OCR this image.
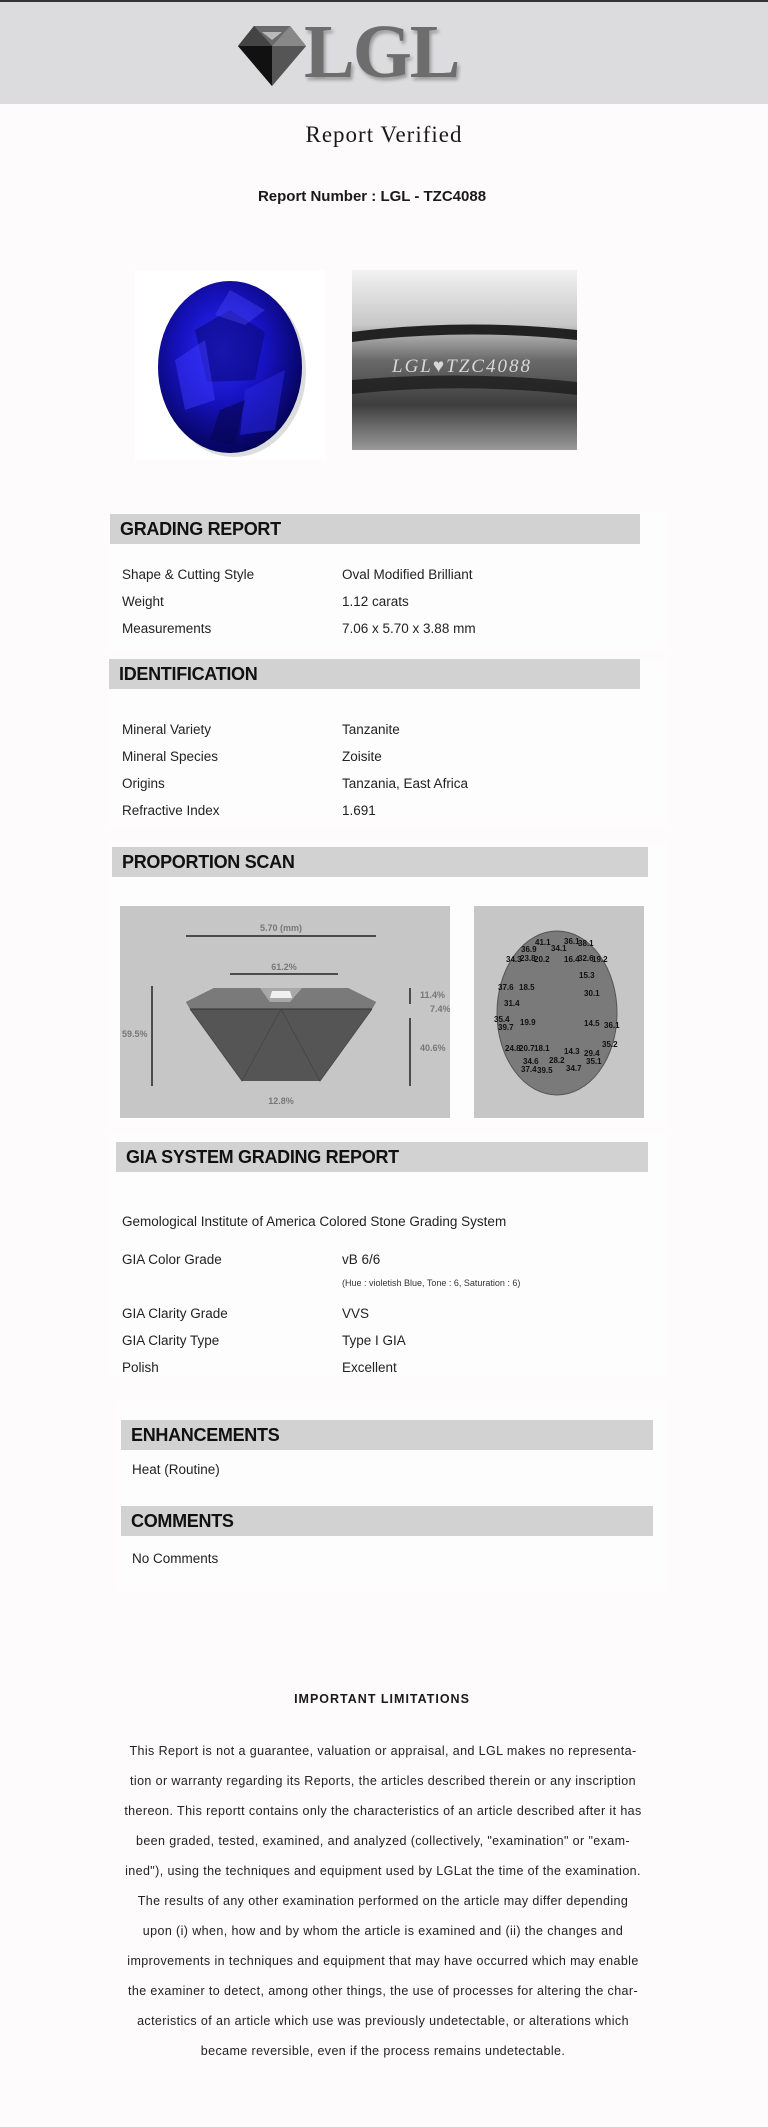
LGL
Report Verified
Report Number : LGL - TZC4088
LGL♥TZC4088
GRADING REPORT
Shape & Cutting Style	Oval Modified Brilliant
Weight	1.12 carats
Measurements	7.06 x 5.70 x 3.88 mm
IDENTIFICATION
Mineral Variety	Tanzanite
Mineral Species	Zoisite
Origins	Tanzania, East Africa
Refractive Index	1.691
PROPORTION SCAN
5.70 (mm)
61.2%
59.5%
11.4%
7.4%
40.6%
12.8%
41.1 36.1
38.1
36.9 34.1
34.3
23.8
20.2 16.4
32.6
19.2
15.3
37.6 18.5
30.1
31.4
19.9	14.5 36.1
35.4
39.7
24.8
20.7 18.1 14.3 29.4
35.2
34.6 28.2	35.1
37.4 39.5 34.7
GIA SYSTEM GRADING REPORT
Gemological Institute of America Colored Stone Grading System
GIA Color Grade	vB 6/6
(Hue : violetish Blue, Tone : 6, Saturation : 6)
GIA Clarity Grade	VVS
GIA Clarity Type	Type I GIA
Polish	Excellent
ENHANCEMENTS
Heat (Routine)
COMMENTS
No Comments
IMPORTANT LIMITATIONS
This Report is not a guarantee, valuation or appraisal, and LGL makes no representa-
tion or warranty regarding its Reports, the articles described therein or any inscription
thereon. This reportt contains only the characteristics of an article described after it has
been graded, tested, examined, and analyzed (collectively, "examination" or "exam-
ined"), using the techniques and equipment used by LGLat the time of the examination.
The results of any other examination performed on the article may differ depending
upon (i) when, how and by whom the article is examined and (ii) the changes and
improvements in techniques and equipment that may have occurred which may enable
the examiner to detect, among other things, the use of processes for altering the char-
acteristics of an article which use was previously undetectable, or alterations which
became reversible, even if the process remains undetectable.
